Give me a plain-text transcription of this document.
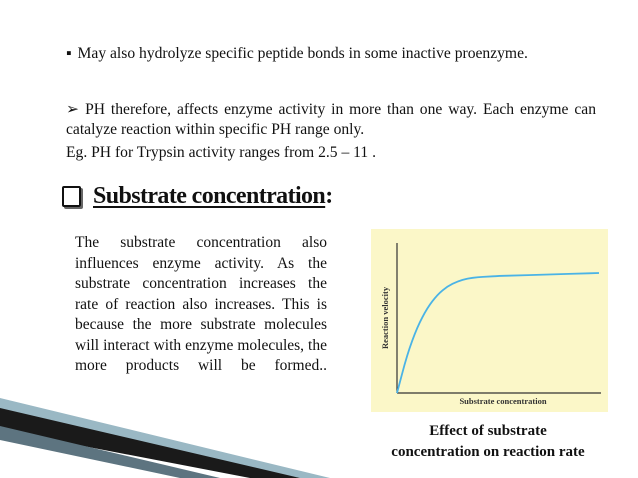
▪ May also hydrolyze specific peptide bonds in some inactive proenzyme.
➢ PH therefore, affects enzyme activity in more than one way. Each enzyme can catalyze reaction within specific PH range only.
Eg. PH for Trypsin activity ranges from 2.5 – 11 .
Substrate concentration :
The substrate concentration also influences enzyme activity. As the substrate concentration increases the rate of reaction also increases. This is because the more substrate molecules will interact with enzyme molecules, the more products will be formed..
Reaction velocity
Substrate concentration
Effect of substrate
concentration on reaction rate
